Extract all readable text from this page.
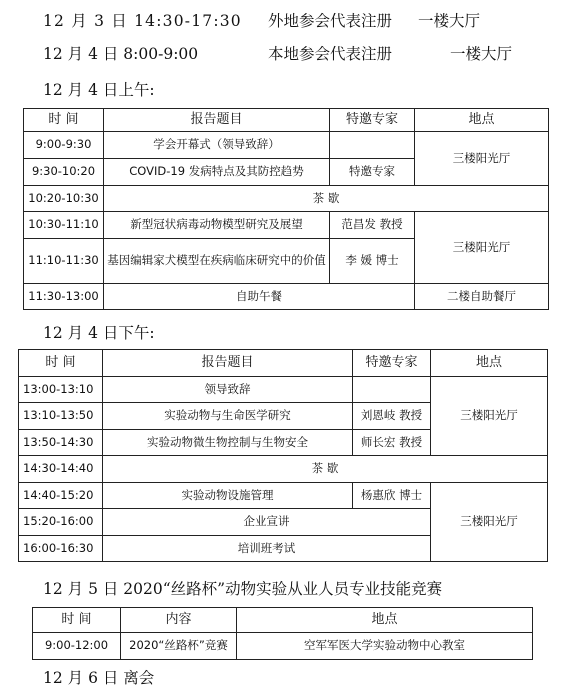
12 月 3 日 14:30-17:30 外地参会代表注册 一楼大厅
12 月 4 日 8:00-9:00	本地参会代表注册	一楼大厅
12 月 4 日上午:
时 间	报告题目	特邀专家	地点
9:00-9:30	学会开幕式（领导致辞）		三楼阳光厅
9:30-10:20	COVID-19 发病特点及其防控趋势	特邀专家	
10:20-10:30	茶 歇		
10:30-11:10	新型冠状病毒动物模型研究及展望	范昌发 教授	三楼阳光厅
11:10-11:30	基因编辑家犬模型在疾病临床研究中的价值	李 媛 博士	
11:30-13:00	自助午餐		二楼自助餐厅
12 月 4 日下午:
时 间	报告题目	特邀专家	地点
13:00-13:10	领导致辞		三楼阳光厅
13:10-13:50	实验动物与生命医学研究	刘恩岐 教授	
13:50-14:30	实验动物微生物控制与生物安全	师长宏 教授	
14:30-14:40	茶 歇		
14:40-15:20	实验动物设施管理	杨惠欣 博士	三楼阳光厅
15:20-16:00	企业宣讲		
16:00-16:30	培训班考试		
12 月 5 日 2020“丝路杯”动物实验从业人员专业技能竞赛
时 间	内容	地点
9:00-12:00	2020“丝路杯”竞赛	空军军医大学实验动物中心教室
12 月 6 日 离会
